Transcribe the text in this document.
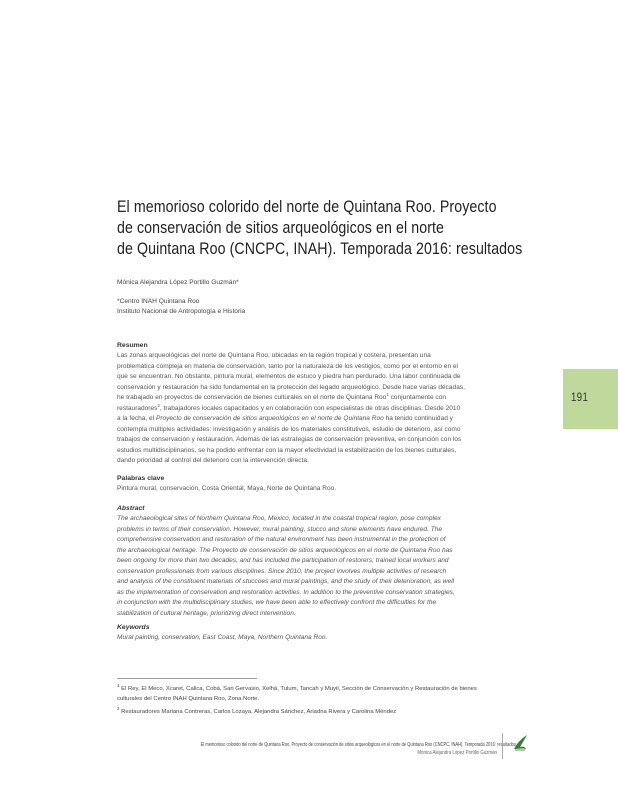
El memorioso colorido del norte de Quintana Roo. Proyecto
de conservación de sitios arqueológicos en el norte
de Quintana Roo (CNCPC, INAH). Temporada 2016: resultados
Mónica Alejandra López Portillo Guzmán*
*Centro INAH Quintana Roo
Instituto Nacional de Antropología e Historia
Resumen
Las zonas arqueológicas del norte de Quintana Roo, ubicadas en la región tropical y costera, presentan una
problemática compleja en materia de conservación, tanto por la naturaleza de los vestigios, como por el entorno en el
que se encuentran. No obstante, pintura mural, elementos de estuco y piedra han perdurado. Una labor continuada de
conservación y restauración ha sido fundamental en la protección del legado arqueológico. Desde hace varias décadas,
he trabajado en proyectos de conservación de bienes culturales en el norte de Quintana Roo$^1$ conjuntamente con
restauradores$^2$, trabajadores locales capacitados y en colaboración con especialistas de otras disciplinas. Desde 2010
a la fecha, el Proyecto de conservación de sitios arqueológicos en el norte de Quintana Roo ha tenido continuidad y
contempla múltiples actividades: investigación y análisis de los materiales constitutivos, estudio de deterioro, así como
trabajos de conservación y restauración. Además de las estrategias de conservación preventiva, en conjunción con los
estudios multidisciplinarios, se ha podido enfrentar con la mayor efectividad la estabilización de los bienes culturales,
dando prioridad al control del deterioro con la intervención directa.
Palabras clave
Pintura mural, conservación, Costa Oriental, Maya, Norte de Quintana Roo.
Abstract
The archaeological sites of Northern Quintana Roo, Mexico, located in the coastal tropical region, pose complex
problems in terms of their conservation. However, mural painting, stucco and stone elements have endured. The
comprehensive conservation and restoration of the natural environment has been instrumental in the protection of
the archaeological heritage. The Proyecto de conservación de sitios arqueológicos en el norte de Quintana Roo has
been ongoing for more than two decades, and has included the participation of restorers, trained local workers and
conservation professionals from various disciplines. Since 2010, the project involves multiple activities of research
and analysis of the constituent materials of stuccoes and mural paintings, and the study of their deterioration, as well
as the implementation of conservation and restoration activities. In addition to the preventive conservation strategies,
in conjunction with the multidisciplinary studies, we have been able to effectively confront the difficulties for the
stabilization of cultural heritage, prioritizing direct intervention.
Keywords
Mural painting, conservation, East Coast, Maya, Northern Quintana Roo.
$^1$ El Rey, El Meco, Xcaret, Calica, Cobá, San Gervasio, Xelhá, Tulum, Tancah y Muyil, Sección de Conservación y Restauración de bienes
culturales del Centro INAH Quintana Roo, Zona Norte.
$^2$ Restauradores Mariana Contreras, Carlos Lozaya, Alejandra Sánchez, Ariadna Rivera y Carolina Méndez
191
El memorioso colorido del norte de Quintana Roo. Proyecto de conservación de sitios arqueológicos en el norte de Quintana Roo (CNCPC, INAH). Temporada 2016: resultados
Mónica Alejandra López Portillo Guzmán
